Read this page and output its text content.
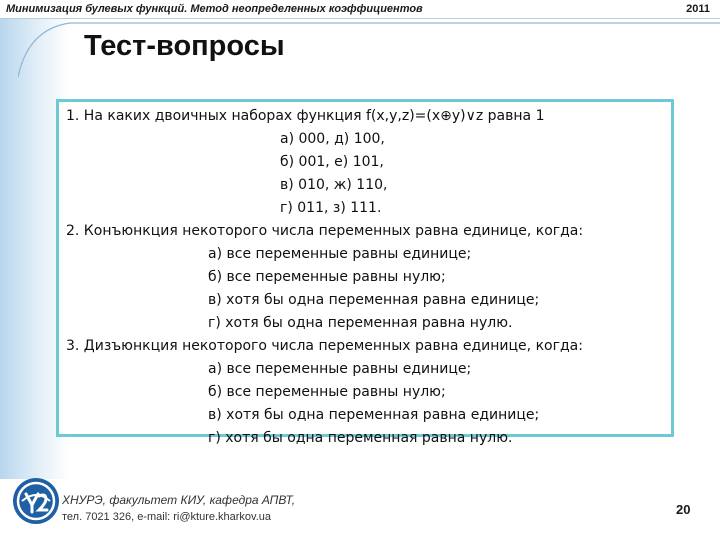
Минимизация булевых функций. Метод неопределенных коэффициентов	2011
Тест-вопросы
1. На каких двоичных наборах функция f(x,y,z)=(x⊕y)∨z равна 1
а) 000, д) 100,
б) 001, е) 101,
в) 010, ж) 110,
г) 011, з) 111.
2. Конъюнкция некоторого числа переменных равна единице, когда:
а) все переменные равны единице;
б) все переменные равны нулю;
в) хотя бы одна переменная равна единице;
г) хотя бы одна переменная равна нулю.
3. Дизъюнкция некоторого числа переменных равна единице, когда:
а) все переменные равны единице;
б) все переменные равны нулю;
в) хотя бы одна переменная равна единице;
г) хотя бы одна переменная равна нулю.
ХНУРЭ, факультет КИУ, кафедра АПВТ,
тел. 7021 326, e-mail: ri@kture.kharkov.ua	20
